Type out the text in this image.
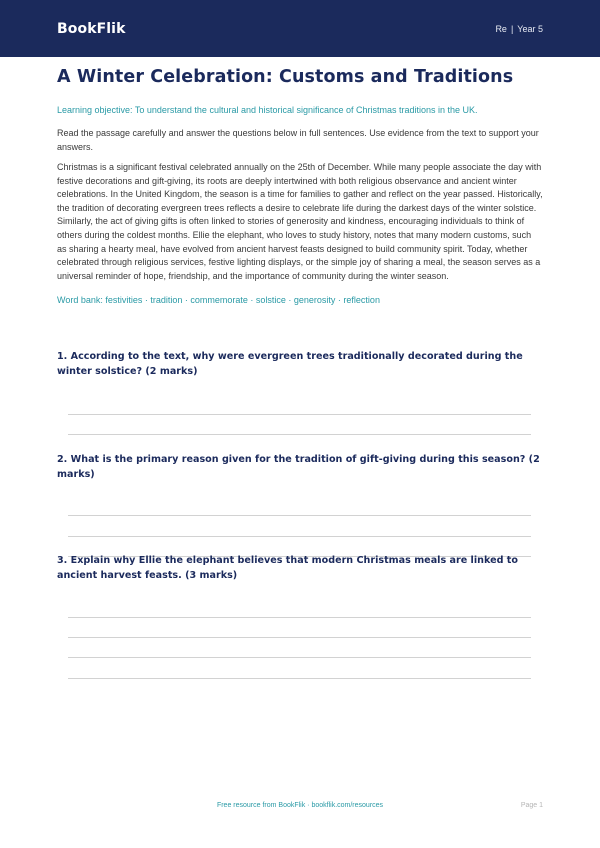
BookFlik	Re | Year 5
A Winter Celebration: Customs and Traditions

Learning objective: To understand the cultural and historical significance of Christmas traditions in the UK.

Read the passage carefully and answer the questions below in full sentences. Use evidence from the text to support your answers.

Christmas is a significant festival celebrated annually on the 25th of December. While many people associate the day with festive decorations and gift-giving, its roots are deeply intertwined with both religious observance and ancient winter celebrations. In the United Kingdom, the season is a time for families to gather and reflect on the year passed. Historically, the tradition of decorating evergreen trees reflects a desire to celebrate life during the darkest days of the winter solstice. Similarly, the act of giving gifts is often linked to stories of generosity and kindness, encouraging individuals to think of others during the coldest months. Ellie the elephant, who loves to study history, notes that many modern customs, such as sharing a hearty meal, have evolved from ancient harvest feasts designed to build community spirit. Today, whether celebrated through religious services, festive lighting displays, or the simple joy of sharing a meal, the season serves as a universal reminder of hope, friendship, and the importance of community during the winter season.

Word bank: festivities · tradition · commemorate · solstice · generosity · reflection

1. According to the text, why were evergreen trees traditionally decorated during the winter solstice? (2 marks)
2. What is the primary reason given for the tradition of gift-giving during this season? (2 marks)
3. Explain why Ellie the elephant believes that modern Christmas meals are linked to ancient harvest feasts. (3 marks)
Free resource from BookFlik · bookflik.com/resources	Page 1
